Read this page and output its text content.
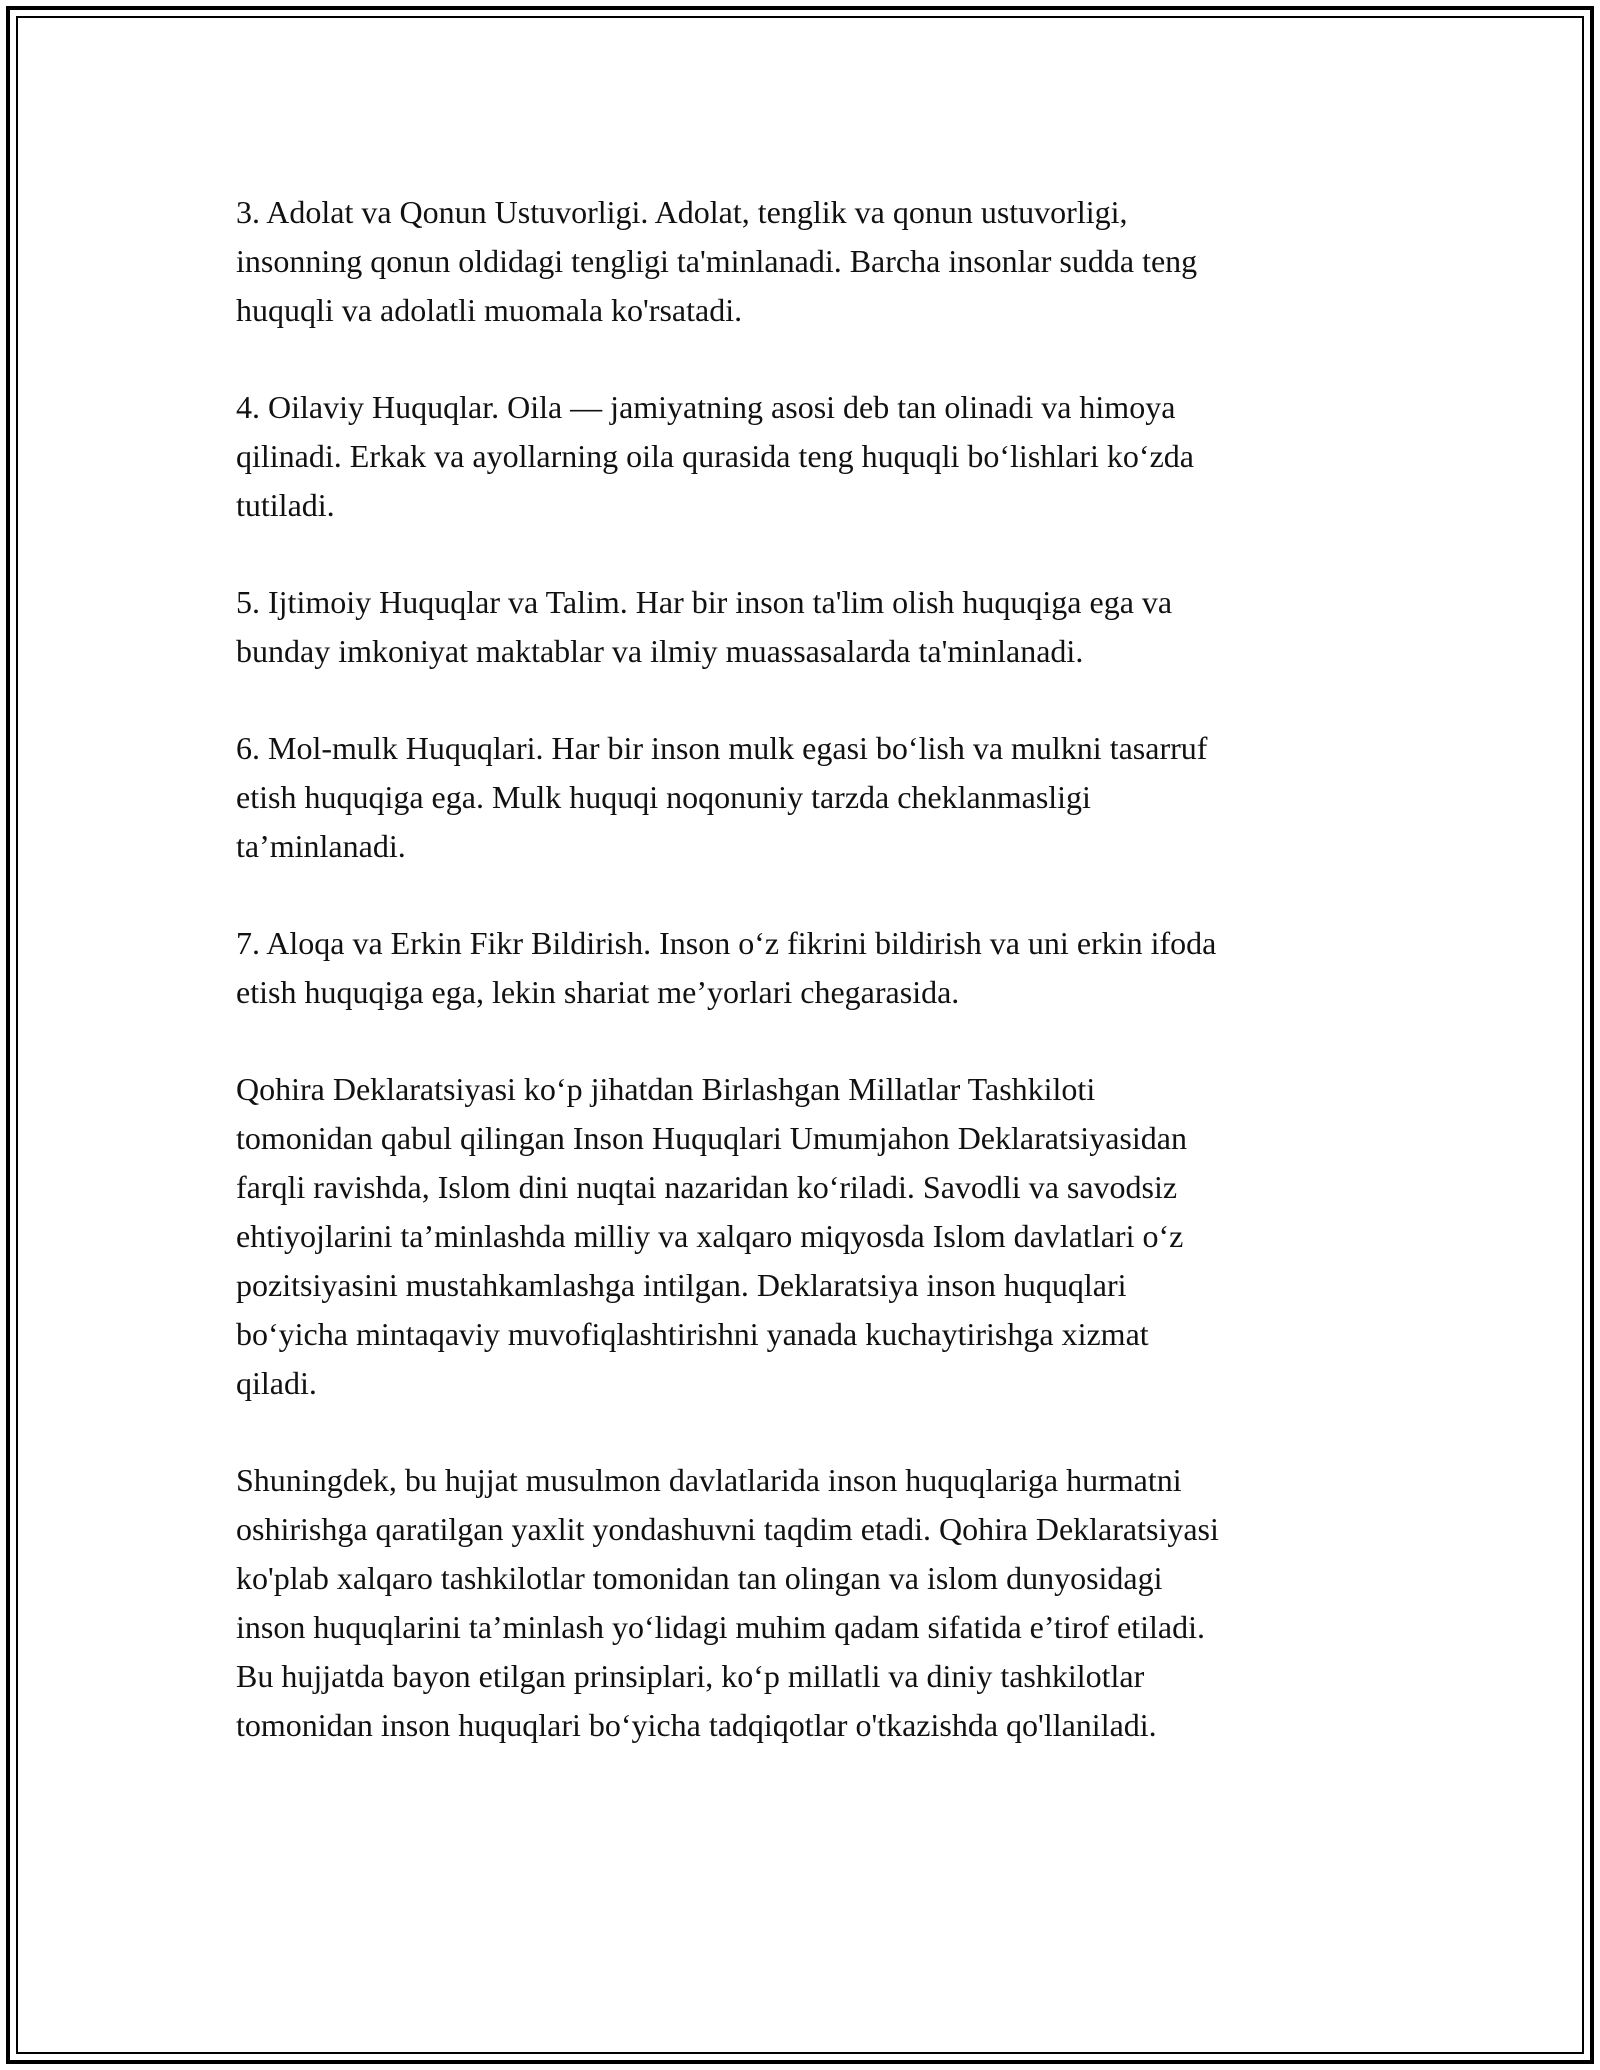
3. Adolat va Qonun Ustuvorligi. Adolat, tenglik va qonun ustuvorligi,
insonning qonun oldidagi tengligi ta'minlanadi. Barcha insonlar sudda teng
huquqli va adolatli muomala ko'rsatadi.

4. Oilaviy Huquqlar. Oila — jamiyatning asosi deb tan olinadi va himoya
qilinadi. Erkak va ayollarning oila qurasida teng huquqli bo‘lishlari ko‘zda
tutiladi.

5. Ijtimoiy Huquqlar va Talim. Har bir inson ta'lim olish huquqiga ega va
bunday imkoniyat maktablar va ilmiy muassasalarda ta'minlanadi.

6. Mol-mulk Huquqlari. Har bir inson mulk egasi bo‘lish va mulkni tasarruf
etish huquqiga ega. Mulk huquqi noqonuniy tarzda cheklanmasligi
ta’minlanadi.

7. Aloqa va Erkin Fikr Bildirish. Inson o‘z fikrini bildirish va uni erkin ifoda
etish huquqiga ega, lekin shariat me’yorlari chegarasida.

Qohira Deklaratsiyasi ko‘p jihatdan Birlashgan Millatlar Tashkiloti
tomonidan qabul qilingan Inson Huquqlari Umumjahon Deklaratsiyasidan
farqli ravishda, Islom dini nuqtai nazaridan ko‘riladi. Savodli va savodsiz
ehtiyojlarini ta’minlashda milliy va xalqaro miqyosda Islom davlatlari o‘z
pozitsiyasini mustahkamlashga intilgan. Deklaratsiya inson huquqlari
bo‘yicha mintaqaviy muvofiqlashtirishni yanada kuchaytirishga xizmat
qiladi.

Shuningdek, bu hujjat musulmon davlatlarida inson huquqlariga hurmatni
oshirishga qaratilgan yaxlit yondashuvni taqdim etadi. Qohira Deklaratsiyasi
ko'plab xalqaro tashkilotlar tomonidan tan olingan va islom dunyosidagi
inson huquqlarini ta’minlash yo‘lidagi muhim qadam sifatida e’tirof etiladi.
Bu hujjatda bayon etilgan prinsiplari, ko‘p millatli va diniy tashkilotlar
tomonidan inson huquqlari bo‘yicha tadqiqotlar o'tkazishda qo'llaniladi.
